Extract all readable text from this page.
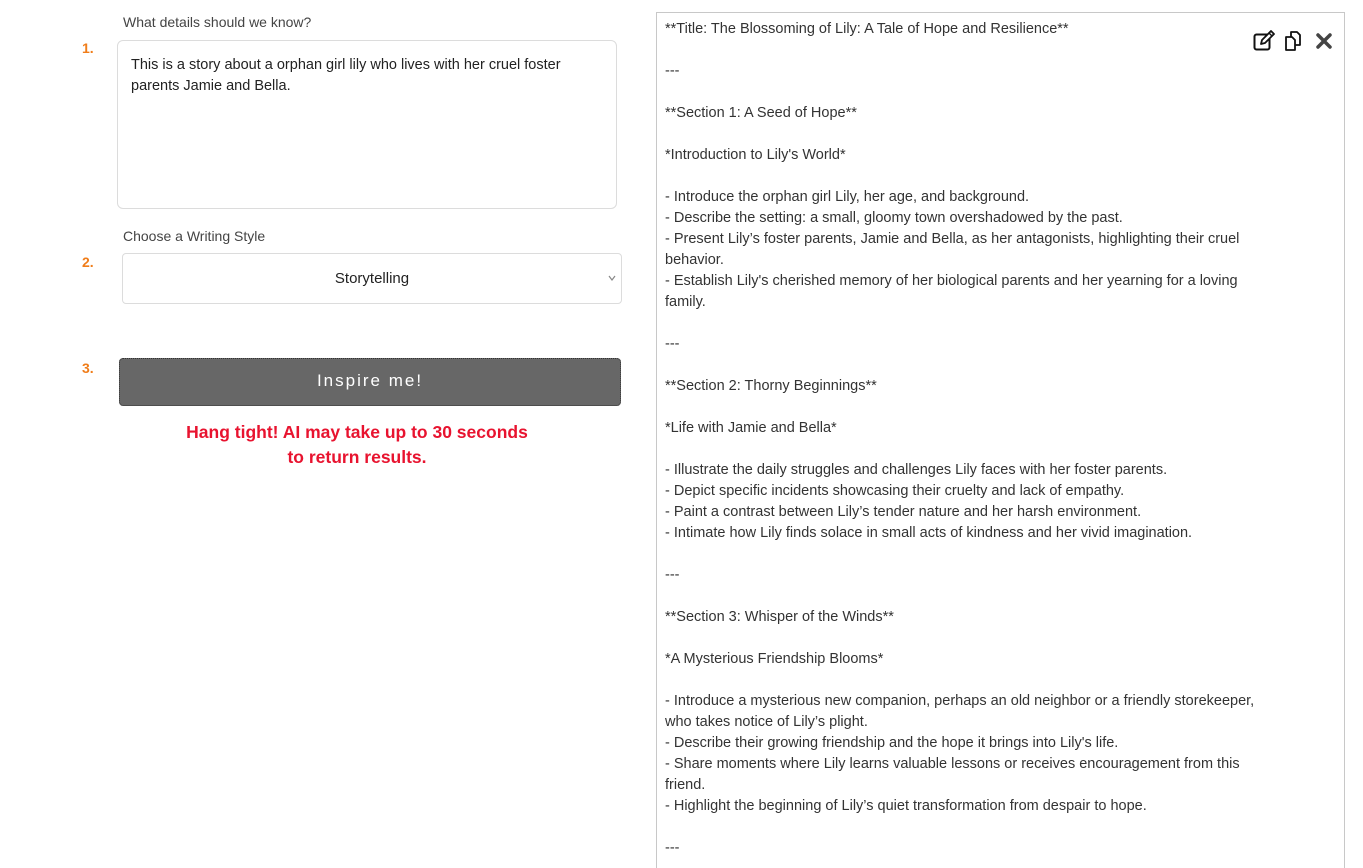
1.
What details should we know?
This is a story about a orphan girl lily who lives with her cruel foster parents Jamie and Bella.
2.
Choose a Writing Style
Storytelling
3.
Inspire me!
Hang tight! AI may take up to 30 seconds
to return results.
**Title: The Blossoming of Lily: A Tale of Hope and Resilience**
---
**Section 1: A Seed of Hope**
*Introduction to Lily's World*
- Introduce the orphan girl Lily, her age, and background.
- Describe the setting: a small, gloomy town overshadowed by the past.
- Present Lily’s foster parents, Jamie and Bella, as her antagonists, highlighting their cruel behavior.
- Establish Lily's cherished memory of her biological parents and her yearning for a loving family.
---
**Section 2: Thorny Beginnings**
*Life with Jamie and Bella*
- Illustrate the daily struggles and challenges Lily faces with her foster parents.
- Depict specific incidents showcasing their cruelty and lack of empathy.
- Paint a contrast between Lily’s tender nature and her harsh environment.
- Intimate how Lily finds solace in small acts of kindness and her vivid imagination.
---
**Section 3: Whisper of the Winds**
*A Mysterious Friendship Blooms*
- Introduce a mysterious new companion, perhaps an old neighbor or a friendly storekeeper, who takes notice of Lily’s plight.
- Describe their growing friendship and the hope it brings into Lily's life.
- Share moments where Lily learns valuable lessons or receives encouragement from this friend.
- Highlight the beginning of Lily’s quiet transformation from despair to hope.
---
